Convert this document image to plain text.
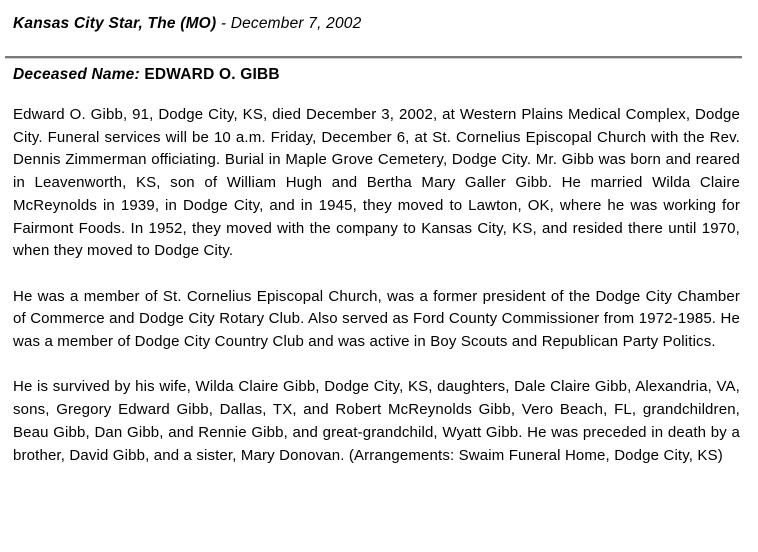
Kansas City Star, The (MO) - December 7, 2002
Deceased Name: EDWARD O. GIBB

Edward O. Gibb, 91, Dodge City, KS, died December 3, 2002, at Western Plains Medical Complex, Dodge City. Funeral services will be 10 a.m. Friday, December 6, at St. Cornelius Episcopal Church with the Rev. Dennis Zimmerman officiating. Burial in Maple Grove Cemetery, Dodge City. Mr. Gibb was born and reared in Leavenworth, KS, son of William Hugh and Bertha Mary Galler Gibb. He married Wilda Claire McReynolds in 1939, in Dodge City, and in 1945, they moved to Lawton, OK, where he was working for Fairmont Foods. In 1952, they moved with the company to Kansas City, KS, and resided there until 1970, when they moved to Dodge City.

He was a member of St. Cornelius Episcopal Church, was a former president of the Dodge City Chamber of Commerce and Dodge City Rotary Club. Also served as Ford County Commissioner from 1972-1985. He was a member of Dodge City Country Club and was active in Boy Scouts and Republican Party Politics.

He is survived by his wife, Wilda Claire Gibb, Dodge City, KS, daughters, Dale Claire Gibb, Alexandria, VA, sons, Gregory Edward Gibb, Dallas, TX, and Robert McReynolds Gibb, Vero Beach, FL, grandchildren, Beau Gibb, Dan Gibb, and Rennie Gibb, and great-grandchild, Wyatt Gibb. He was preceded in death by a brother, David Gibb, and a sister, Mary Donovan. (Arrangements: Swaim Funeral Home, Dodge City, KS)
